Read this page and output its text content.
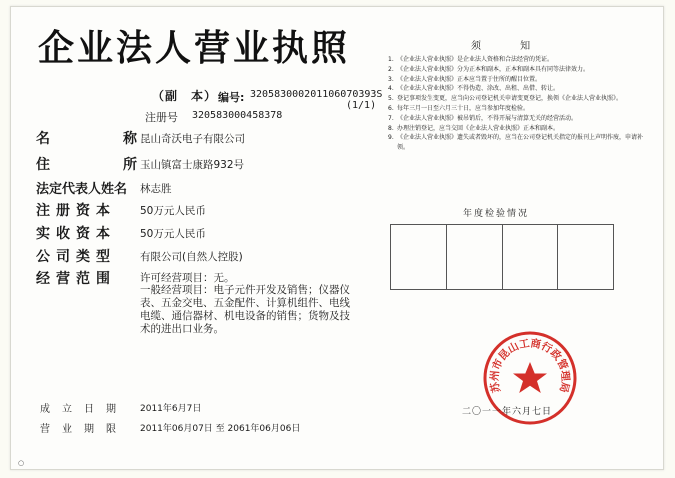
企业法人营业执照
（副　本） 编号: 320583000201106070393S
(1/1)
注册号 320583000458378
名　　称
昆山奇沃电子有限公司
住　　所
玉山镇富士康路932号
法定代表人姓名 林志胜
注册资本 50万元人民币
实收资本 50万元人民币
公司类型 有限公司(自然人控股)
经营范围 许可经营项目：无。
一般经营项目：电子元件开发及销售；仪器仪表、五金交电、五金配件、计算机组件、电线电缆、通信器材、机电设备的销售；货物及技术的进出口业务。
成立日期 2011年6月7日
营业期限 2011年06月07日 至 2061年06月06日
须 知
1. 《企业法人营业执照》是企业法人资格和合法经营的凭证。
2. 《企业法人营业执照》分为正本和副本，正本和副本具有同等法律效力。
3. 《企业法人营业执照》正本应当置于住所的醒目位置。
4. 《企业法人营业执照》不得伪造、涂改、出租、出借、转让。
5. 登记事项发生变更，应当向公司登记机关申请变更登记，换领《企业法人营业执照》。
6. 每年三月一日至六月三十日，应当参加年度检验。
7. 《企业法人营业执照》被吊销后，不得开展与清算无关的经营活动。
8. 办理注销登记，应当交回《企业法人营业执照》正本和副本。
9. 《企业法人营业执照》遗失或者毁坏的，应当在公司登记机关指定的报刊上声明作废，申请补领。
年度检验情况
苏州市昆山工商行政管理局
二〇一一年六月七日
○
